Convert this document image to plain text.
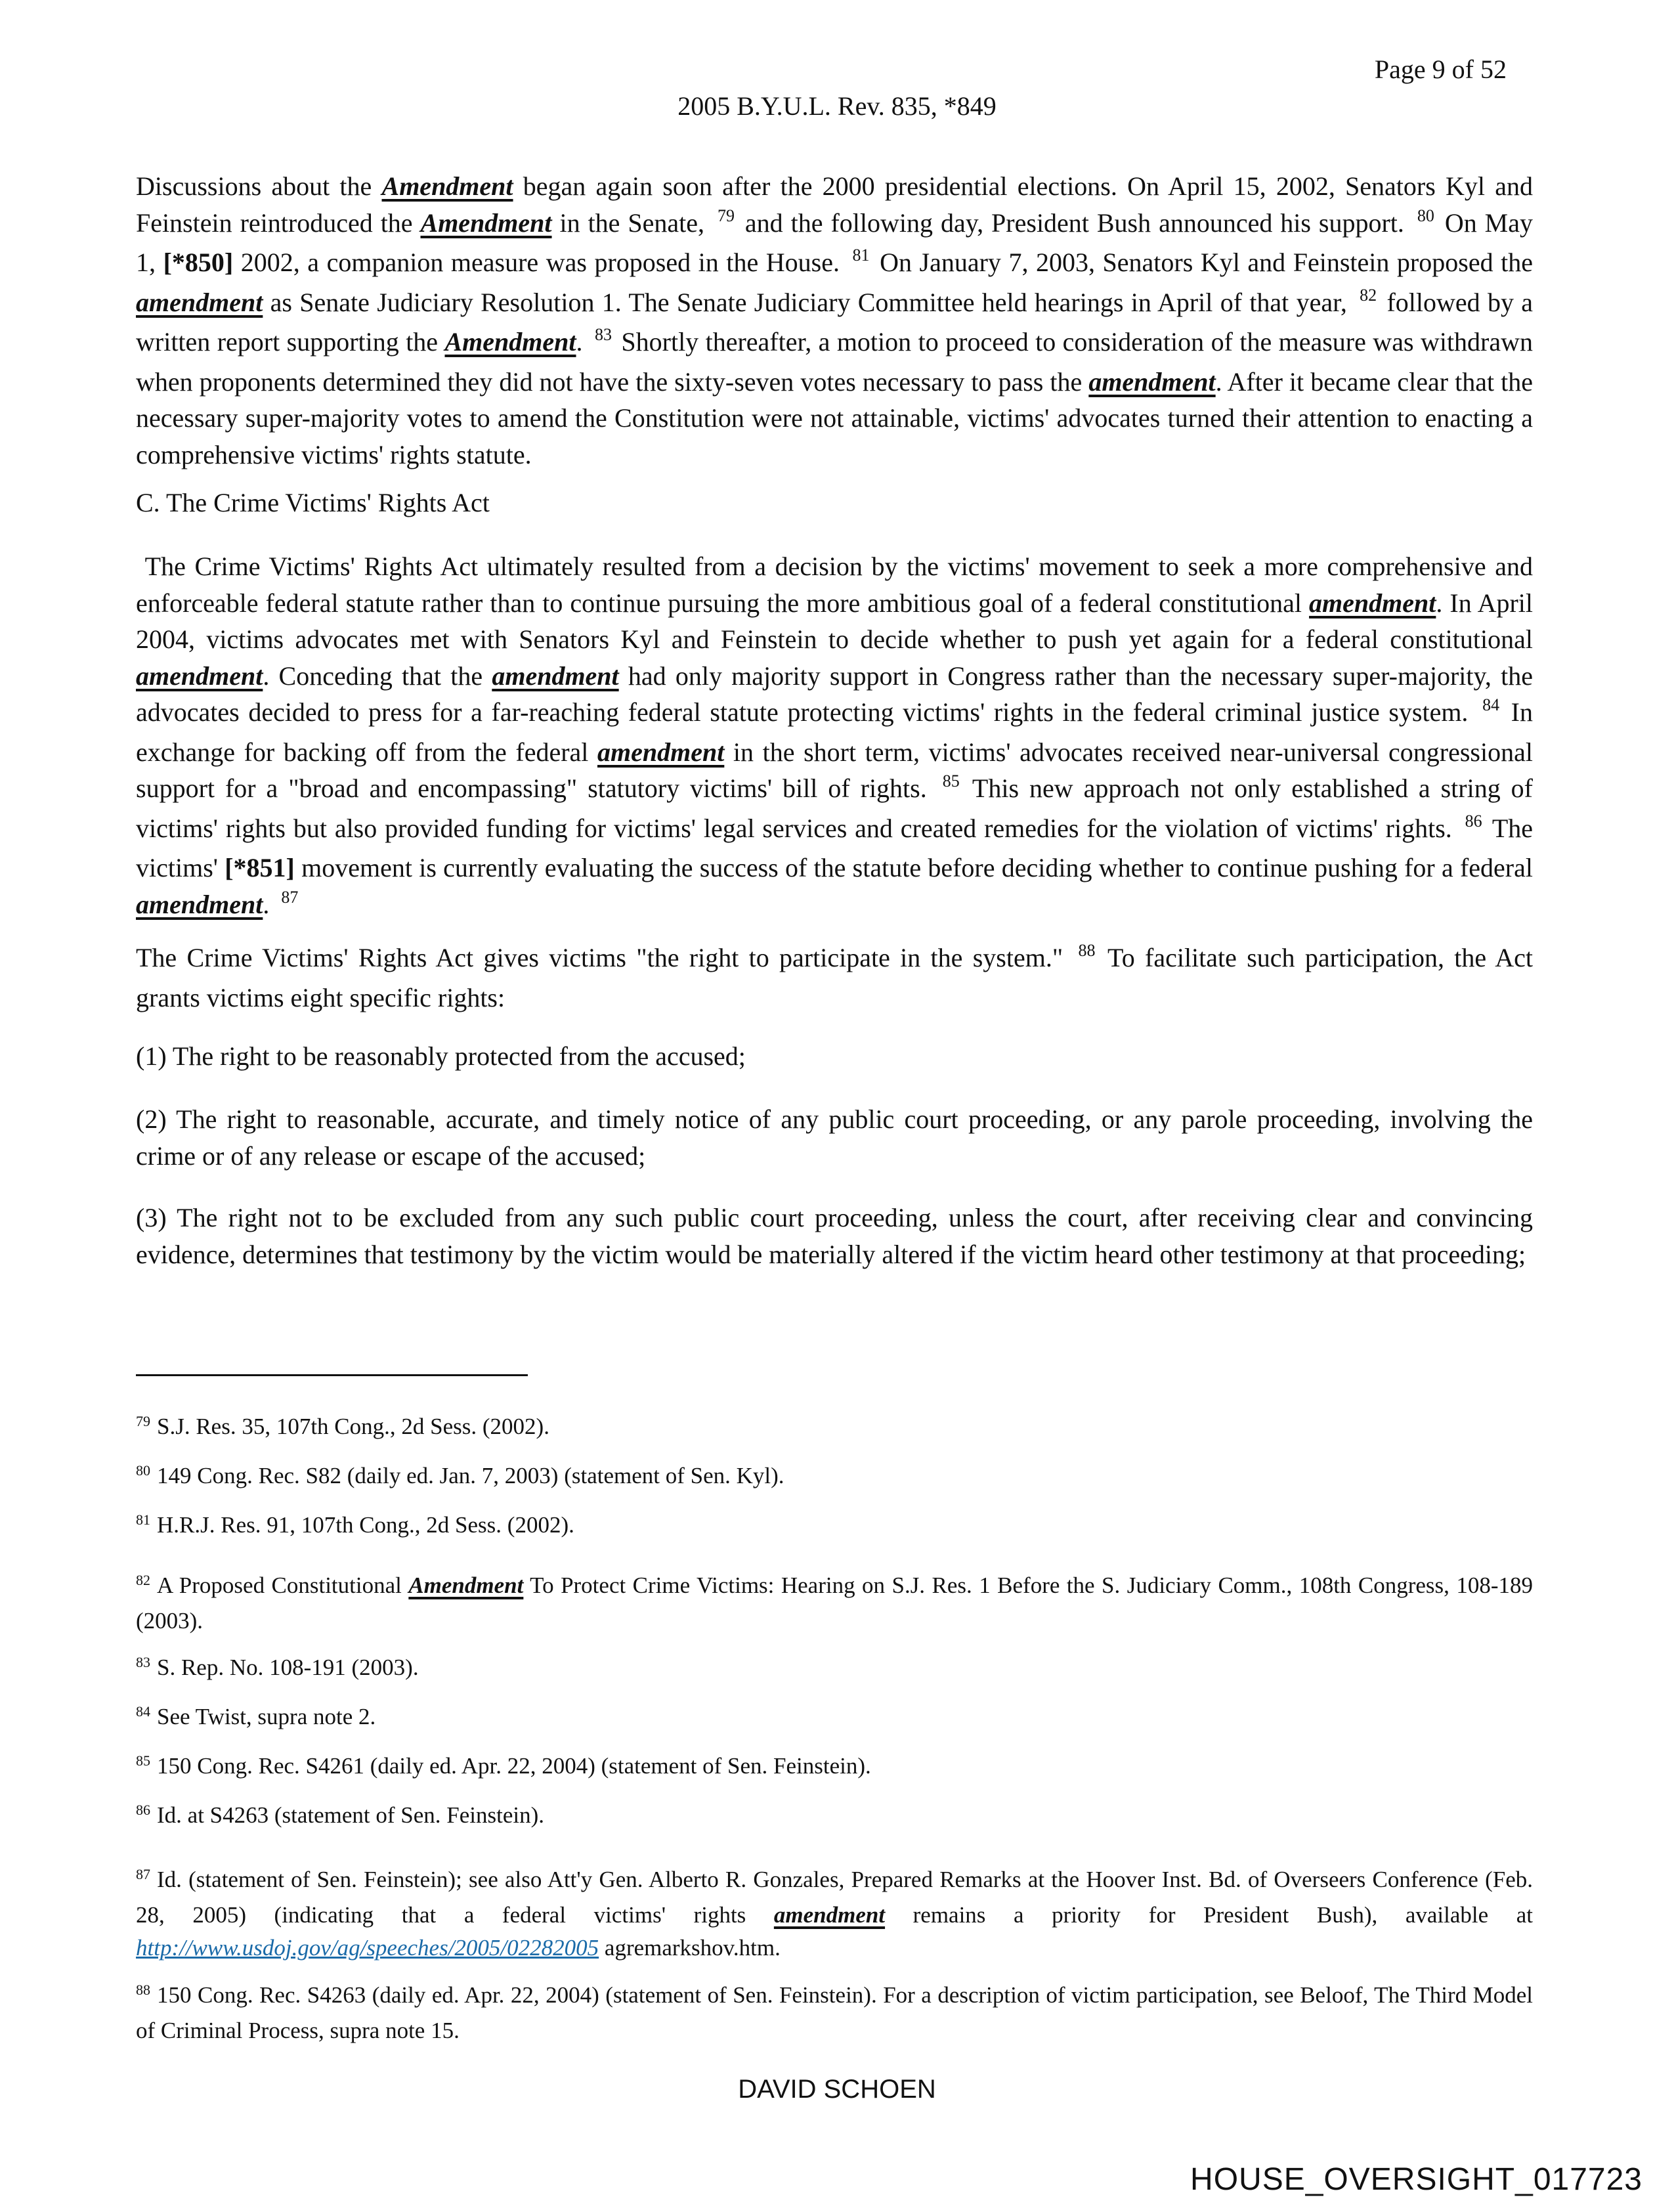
Page 9 of 52
2005 B.Y.U.L. Rev. 835, *849

Discussions about the Amendment began again soon after the 2000 presidential elections. On April 15, 2002, Senators Kyl and Feinstein reintroduced the Amendment in the Senate, $^{79}$ and the following day, President Bush announced his support. $^{80}$ On May 1, [*850] 2002, a companion measure was proposed in the House. $^{81}$ On January 7, 2003, Senators Kyl and Feinstein proposed the amendment as Senate Judiciary Resolution 1. The Senate Judiciary Committee held hearings in April of that year, $^{82}$ followed by a written report supporting the Amendment. $^{83}$ Shortly thereafter, a motion to proceed to consideration of the measure was withdrawn when proponents determined they did not have the sixty-seven votes necessary to pass the amendment. After it became clear that the necessary super-majority votes to amend the Constitution were not attainable, victims' advocates turned their attention to enacting a comprehensive victims' rights statute.

C. The Crime Victims' Rights Act

The Crime Victims' Rights Act ultimately resulted from a decision by the victims' movement to seek a more comprehensive and enforceable federal statute rather than to continue pursuing the more ambitious goal of a federal constitutional amendment. In April 2004, victims advocates met with Senators Kyl and Feinstein to decide whether to push yet again for a federal constitutional amendment. Conceding that the amendment had only majority support in Congress rather than the necessary super-majority, the advocates decided to press for a far-reaching federal statute protecting victims' rights in the federal criminal justice system. $^{84}$ In exchange for backing off from the federal amendment in the short term, victims' advocates received near-universal congressional support for a "broad and encompassing" statutory victims' bill of rights. $^{85}$ This new approach not only established a string of victims' rights but also provided funding for victims' legal services and created remedies for the violation of victims' rights. $^{86}$ The victims' [*851] movement is currently evaluating the success of the statute before deciding whether to continue pushing for a federal amendment. $^{87}$

The Crime Victims' Rights Act gives victims "the right to participate in the system." $^{88}$ To facilitate such participation, the Act grants victims eight specific rights:

(1) The right to be reasonably protected from the accused;

(2) The right to reasonable, accurate, and timely notice of any public court proceeding, or any parole proceeding, involving the crime or of any release or escape of the accused;

(3) The right not to be excluded from any such public court proceeding, unless the court, after receiving clear and convincing evidence, determines that testimony by the victim would be materially altered if the victim heard other testimony at that proceeding;

$^{79}$ S.J. Res. 35, 107th Cong., 2d Sess. (2002).

$^{80}$ 149 Cong. Rec. S82 (daily ed. Jan. 7, 2003) (statement of Sen. Kyl).

$^{81}$ H.R.J. Res. 91, 107th Cong., 2d Sess. (2002).

$^{82}$ A Proposed Constitutional Amendment To Protect Crime Victims: Hearing on S.J. Res. 1 Before the S. Judiciary Comm., 108th Congress, 108-189 (2003).

$^{83}$ S. Rep. No. 108-191 (2003).

$^{84}$ See Twist, supra note 2.

$^{85}$ 150 Cong. Rec. S4261 (daily ed. Apr. 22, 2004) (statement of Sen. Feinstein).

$^{86}$ Id. at S4263 (statement of Sen. Feinstein).

$^{87}$ Id. (statement of Sen. Feinstein); see also Att'y Gen. Alberto R. Gonzales, Prepared Remarks at the Hoover Inst. Bd. of Overseers Conference (Feb. 28, 2005) (indicating that a federal victims' rights amendment remains a priority for President Bush), available at http://www.usdoj.gov/ag/speeches/2005/02282005 agremarkshov.htm.

$^{88}$ 150 Cong. Rec. S4263 (daily ed. Apr. 22, 2004) (statement of Sen. Feinstein). For a description of victim participation, see Beloof, The Third Model of Criminal Process, supra note 15.

DAVID SCHOEN
HOUSE_OVERSIGHT_017723
